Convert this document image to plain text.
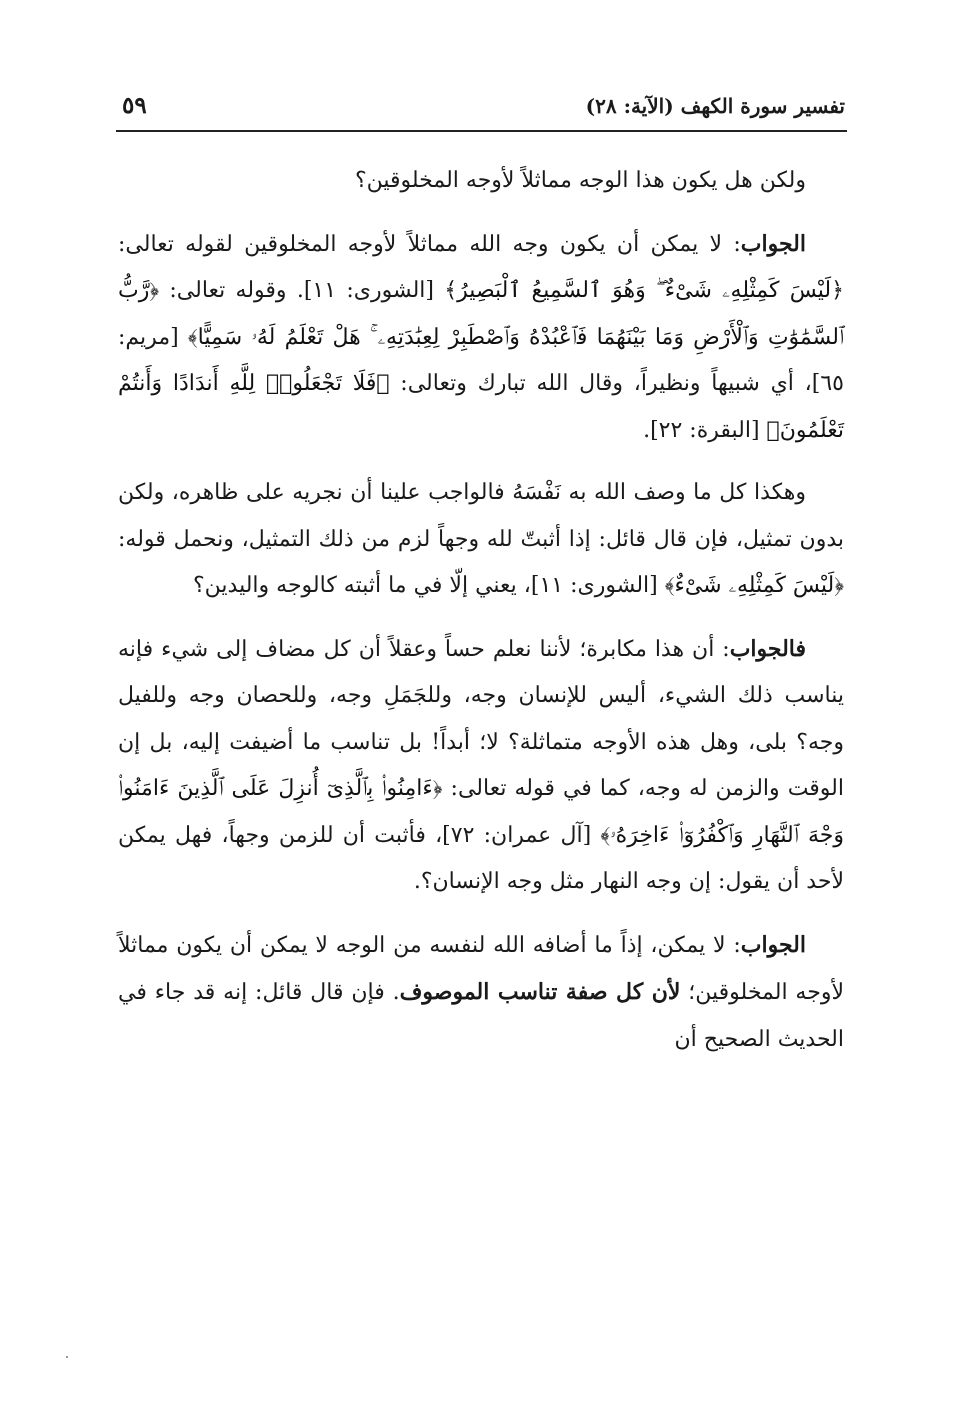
تفسير سورة الكهف (الآية: ٢٨)
٥٩

ولكن هل يكون هذا الوجه مماثلاً لأوجه المخلوقين؟

الجواب: لا يمكن أن يكون وجه الله مماثلاً لأوجه المخلوقين لقوله تعالى: ﴿لَيْسَ كَمِثْلِهِۦ شَىْءٌ ۖ وَهُوَ ٱلسَّمِيعُ ٱلْبَصِيرُ﴾ [الشورى: ١١]. وقوله تعالى: ﴿رَّبُّ ٱلسَّمَٰوَٰتِ وَٱلْأَرْضِ وَمَا بَيْنَهُمَا فَٱعْبُدْهُ وَٱصْطَبِرْ لِعِبَٰدَتِهِۦ ۚ هَلْ تَعْلَمُ لَهُۥ سَمِيًّا﴾ [مريم: ٦٥]، أي شبيهاً ونظيراً، وقال الله تبارك وتعالى: ﴿فَلَا تَجْعَلُوا۟ لِلَّهِ أَندَادًا وَأَنتُمْ تَعْلَمُونَ﴾ [البقرة: ٢٢].

وهكذا كل ما وصف الله به نَفْسَهُ فالواجب علينا أن نجريه على ظاهره، ولكن بدون تمثيل، فإن قال قائل: إذا أثبتّ لله وجهاً لزم من ذلك التمثيل، ونحمل قوله: ﴿لَيْسَ كَمِثْلِهِۦ شَىْءٌ﴾ [الشورى: ١١]، يعني إلّا في ما أثبته كالوجه واليدين؟

فالجواب: أن هذا مكابرة؛ لأننا نعلم حساً وعقلاً أن كل مضاف إلى شيء فإنه يناسب ذلك الشيء، أليس للإنسان وجه، وللجَمَلِ وجه، وللحصان وجه وللفيل وجه؟ بلى، وهل هذه الأوجه متماثلة؟ لا؛ أبداً! بل تناسب ما أضيفت إليه، بل إن الوقت والزمن له وجه، كما في قوله تعالى: ﴿ءَامِنُوا۟ بِٱلَّذِىٓ أُنزِلَ عَلَى ٱلَّذِينَ ءَامَنُوا۟ وَجْهَ ٱلنَّهَارِ وَٱكْفُرُوٓا۟ ءَاخِرَهُۥ﴾ [آل عمران: ٧٢]، فأثبت أن للزمن وجهاً، فهل يمكن لأحد أن يقول: إن وجه النهار مثل وجه الإنسان؟.

الجواب: لا يمكن، إذاً ما أضافه الله لنفسه من الوجه لا يمكن أن يكون مماثلاً لأوجه المخلوقين؛ لأن كل صفة تناسب الموصوف. فإن قال قائل: إنه قد جاء في الحديث الصحيح أن
